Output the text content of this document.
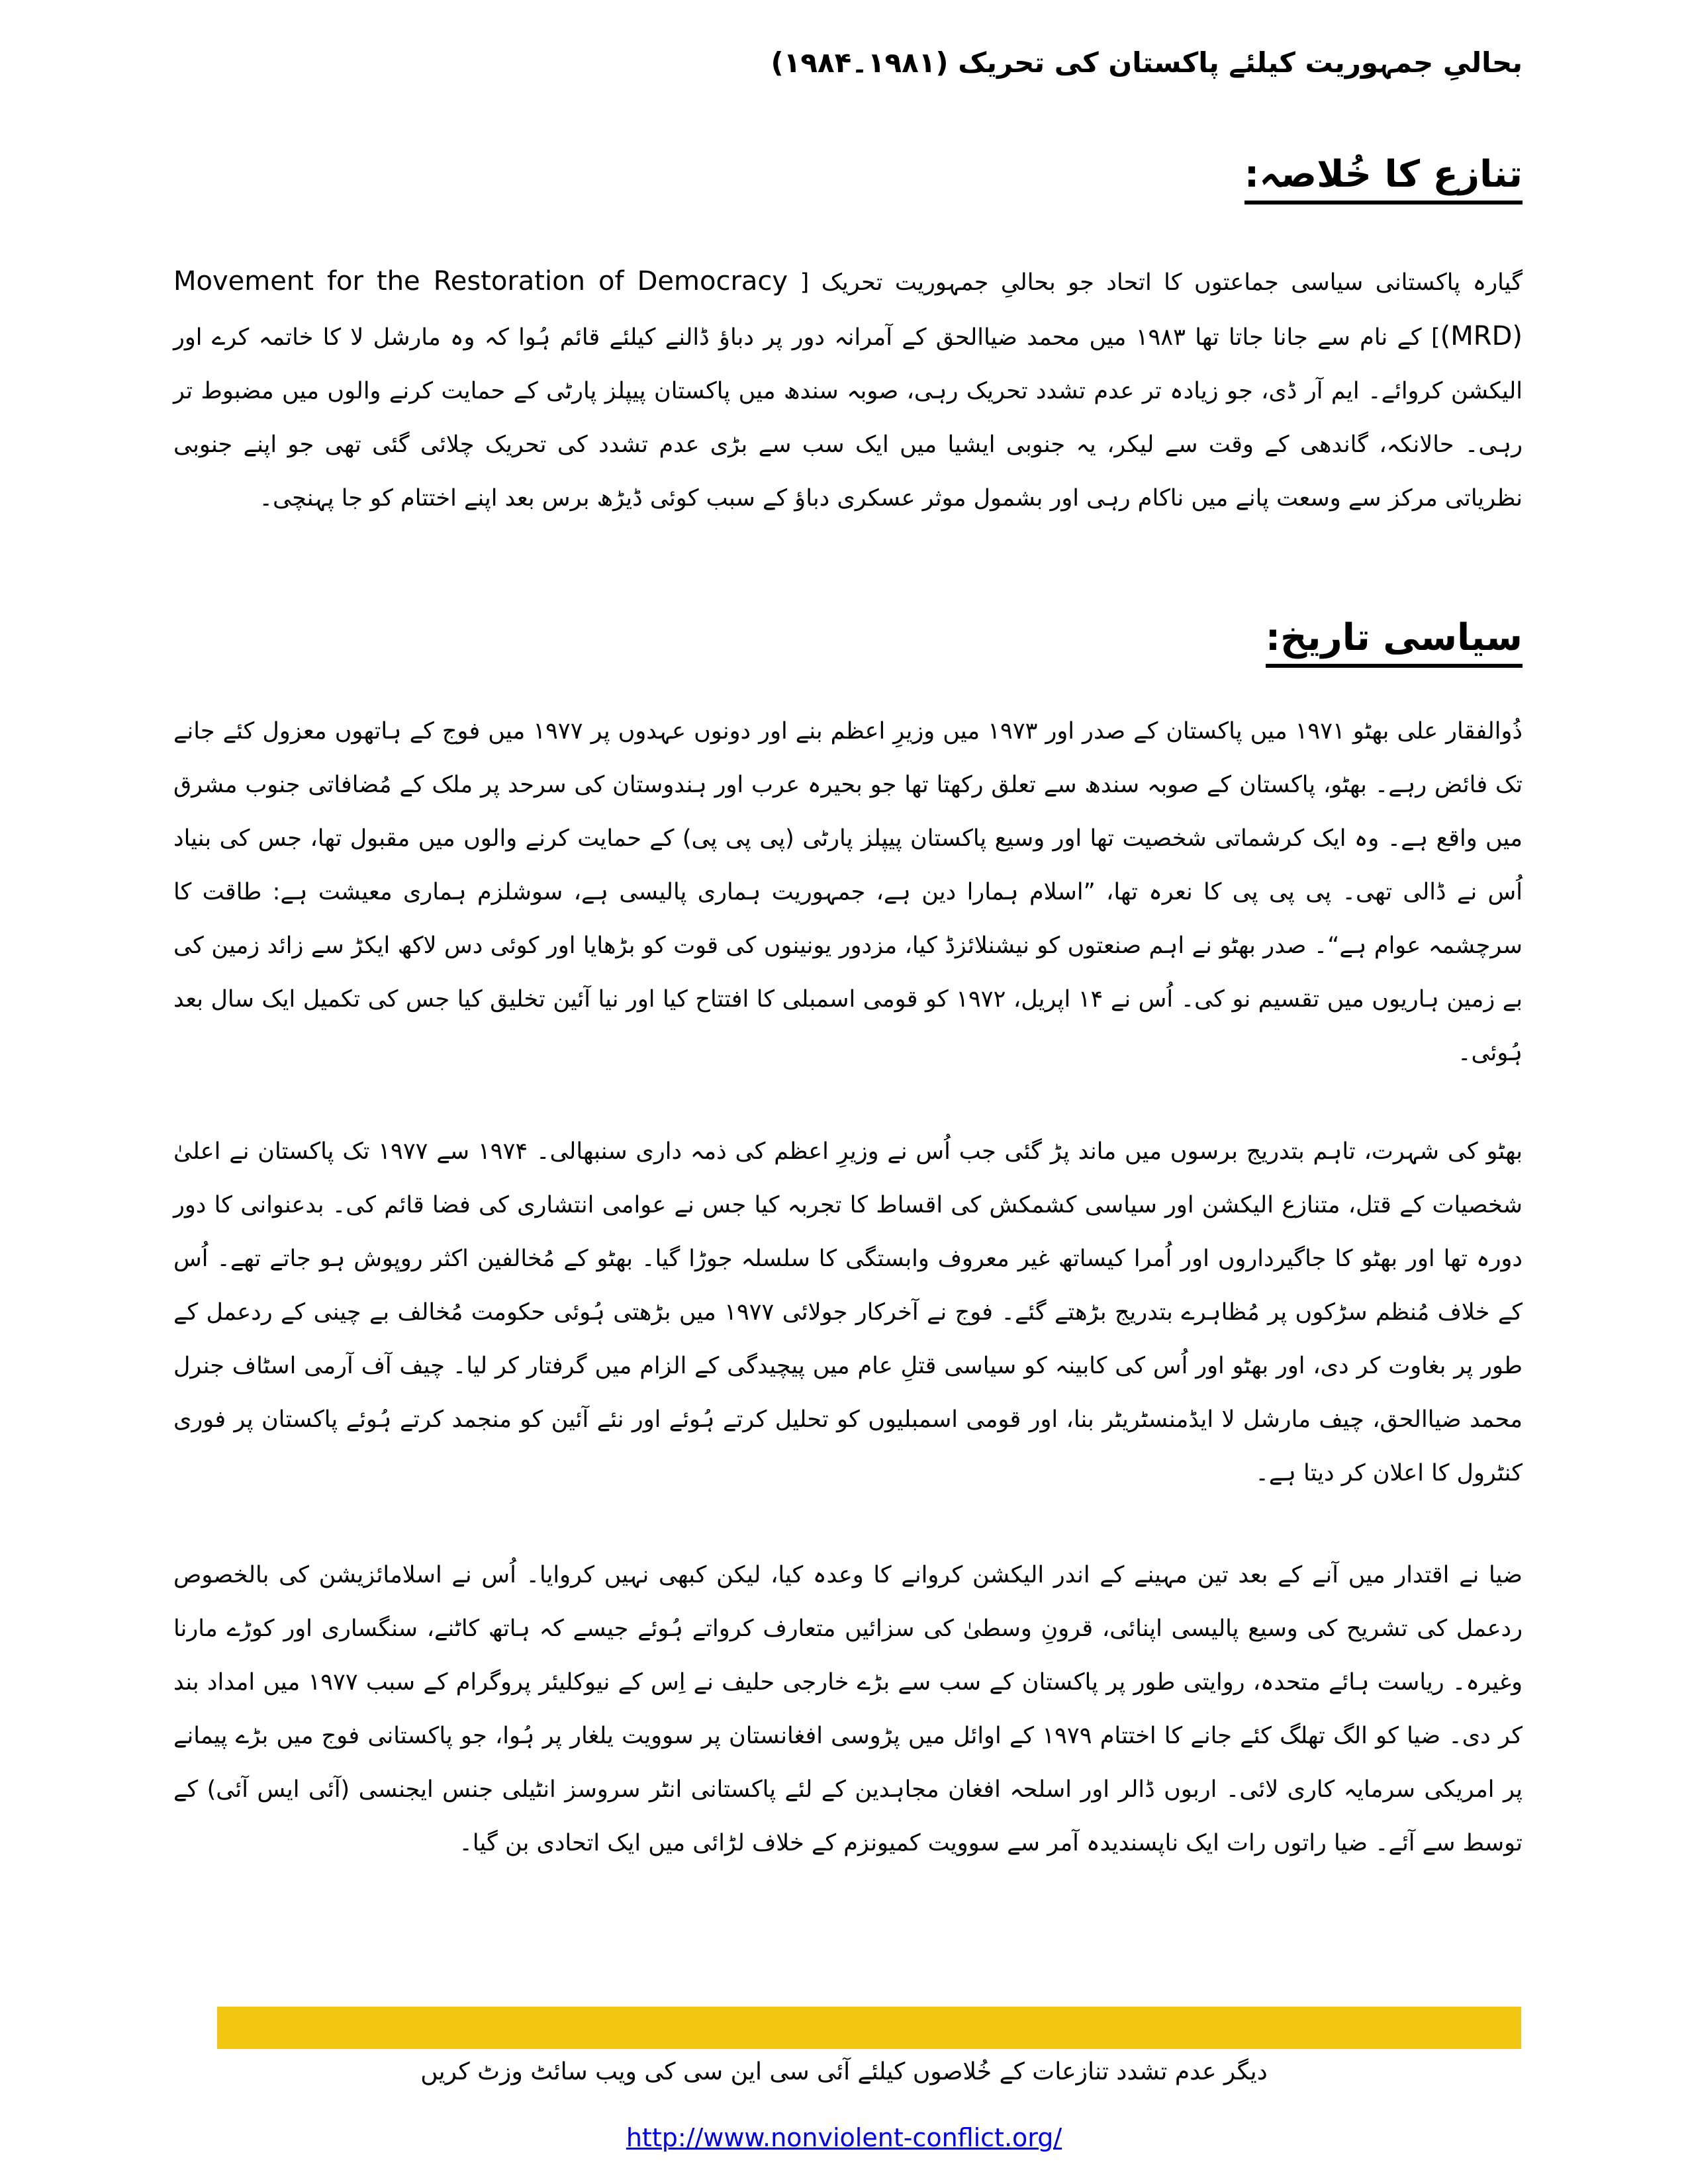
بحالیِ جمہوریت کیلئے پاکستان کی تحریک (۱۹۸۱۔۱۹۸۴)
تنازع کا خُلاصہ:
گیارہ پاکستانی سیاسی جماعتوں کا اتحاد جو بحالیِ جمہوریت تحریک [ Movement for the Restoration of Democracy (MRD)] کے نام سے جانا جاتا تھا ۱۹۸۳ میں محمد ضیاالحق کے آمرانہ دور پر دباؤ ڈالنے کیلئے قائم ہُوا کہ وہ مارشل لا کا خاتمہ کرے اور الیکشن کروائے۔ ایم آر ڈی، جو زیادہ تر عدم تشدد تحریک رہی، صوبہ سندھ میں پاکستان پیپلز پارٹی کے حمایت کرنے والوں میں مضبوط تر رہی۔ حالانکہ، گاندھی کے وقت سے لیکر، یہ جنوبی ایشیا میں ایک سب سے بڑی عدم تشدد کی تحریک چلائی گئی تھی جو اپنے جنوبی نظریاتی مرکز سے وسعت پانے میں ناکام رہی اور بشمول موثر عسکری دباؤ کے سبب کوئی ڈیڑھ برس بعد اپنے اختتام کو جا پہنچی۔
سیاسی تاریخ:
ذُوالفقار علی بھٹو ۱۹۷۱ میں پاکستان کے صدر اور ۱۹۷۳ میں وزیرِ اعظم بنے اور دونوں عہدوں پر ۱۹۷۷ میں فوج کے ہاتھوں معزول کئے جانے تک فائض رہے۔ بھٹو، پاکستان کے صوبہ سندھ سے تعلق رکھتا تھا جو بحیرہ عرب اور ہندوستان کی سرحد پر ملک کے مُضافاتی جنوب مشرق میں واقع ہے۔ وہ ایک کرشماتی شخصیت تھا اور وسیع پاکستان پیپلز پارٹی (پی پی پی) کے حمایت کرنے والوں میں مقبول تھا، جس کی بنیاد اُس نے ڈالی تھی۔ پی پی پی کا نعرہ تھا، ”اسلام ہمارا دین ہے، جمہوریت ہماری پالیسی ہے، سوشلزم ہماری معیشت ہے: طاقت کا سرچشمہ عوام ہے“۔ صدر بھٹو نے اہم صنعتوں کو نیشنلائزڈ کیا، مزدور یونینوں کی قوت کو بڑھایا اور کوئی دس لاکھ ایکڑ سے زائد زمین کی بے زمین ہاریوں میں تقسیم نو کی۔ اُس نے ۱۴ اپریل، ۱۹۷۲ کو قومی اسمبلی کا افتتاح کیا اور نیا آئین تخلیق کیا جس کی تکمیل ایک سال بعد ہُوئی۔
بھٹو کی شہرت، تاہم بتدریج برسوں میں ماند پڑ گئی جب اُس نے وزیرِ اعظم کی ذمہ داری سنبھالی۔ ۱۹۷۴ سے ۱۹۷۷ تک پاکستان نے اعلیٰ شخصیات کے قتل، متنازع الیکشن اور سیاسی کشمکش کی اقساط کا تجربہ کیا جس نے عوامی انتشاری کی فضا قائم کی۔ بدعنوانی کا دور دورہ تھا اور بھٹو کا جاگیرداروں اور اُمرا کیساتھ غیر معروف وابستگی کا سلسلہ جوڑا گیا۔ بھٹو کے مُخالفین اکثر روپوش ہو جاتے تھے۔ اُس کے خلاف مُنظم سڑکوں پر مُظاہرے بتدریج بڑھتے گئے۔ فوج نے آخرکار جولائی ۱۹۷۷ میں بڑھتی ہُوئی حکومت مُخالف بے چینی کے ردعمل کے طور پر بغاوت کر دی، اور بھٹو اور اُس کی کابینہ کو سیاسی قتلِ عام میں پیچیدگی کے الزام میں گرفتار کر لیا۔ چیف آف آرمی اسٹاف جنرل محمد ضیاالحق، چیف مارشل لا ایڈمنسٹریٹر بنا، اور قومی اسمبلیوں کو تحلیل کرتے ہُوئے اور نئے آئین کو منجمد کرتے ہُوئے پاکستان پر فوری کنٹرول کا اعلان کر دیتا ہے۔
ضیا نے اقتدار میں آنے کے بعد تین مہینے کے اندر الیکشن کروانے کا وعدہ کیا، لیکن کبھی نہیں کروایا۔ اُس نے اسلامائزیشن کی بالخصوص ردعمل کی تشریح کی وسیع پالیسی اپنائی، قرونِ وسطیٰ کی سزائیں متعارف کرواتے ہُوئے جیسے کہ ہاتھ کاٹنے، سنگساری اور کوڑے مارنا وغیرہ۔ ریاست ہائے متحدہ، روایتی طور پر پاکستان کے سب سے بڑے خارجی حلیف نے اِس کے نیوکلیئر پروگرام کے سبب ۱۹۷۷ میں امداد بند کر دی۔ ضیا کو الگ تھلگ کئے جانے کا اختتام ۱۹۷۹ کے اوائل میں پڑوسی افغانستان پر سوویت یلغار پر ہُوا، جو پاکستانی فوج میں بڑے پیمانے پر امریکی سرمایہ کاری لائی۔ اربوں ڈالر اور اسلحہ افغان مجاہدین کے لئے پاکستانی انٹر سروسز انٹیلی جنس ایجنسی (آئی ایس آئی) کے توسط سے آئے۔ ضیا راتوں رات ایک ناپسندیدہ آمر سے سوویت کمیونزم کے خلاف لڑائی میں ایک اتحادی بن گیا۔
دیگر عدم تشدد تنازعات کے خُلاصوں کیلئے آئی سی این سی کی ویب سائٹ وزٹ کریں
http://www.nonviolent-conflict.org/
